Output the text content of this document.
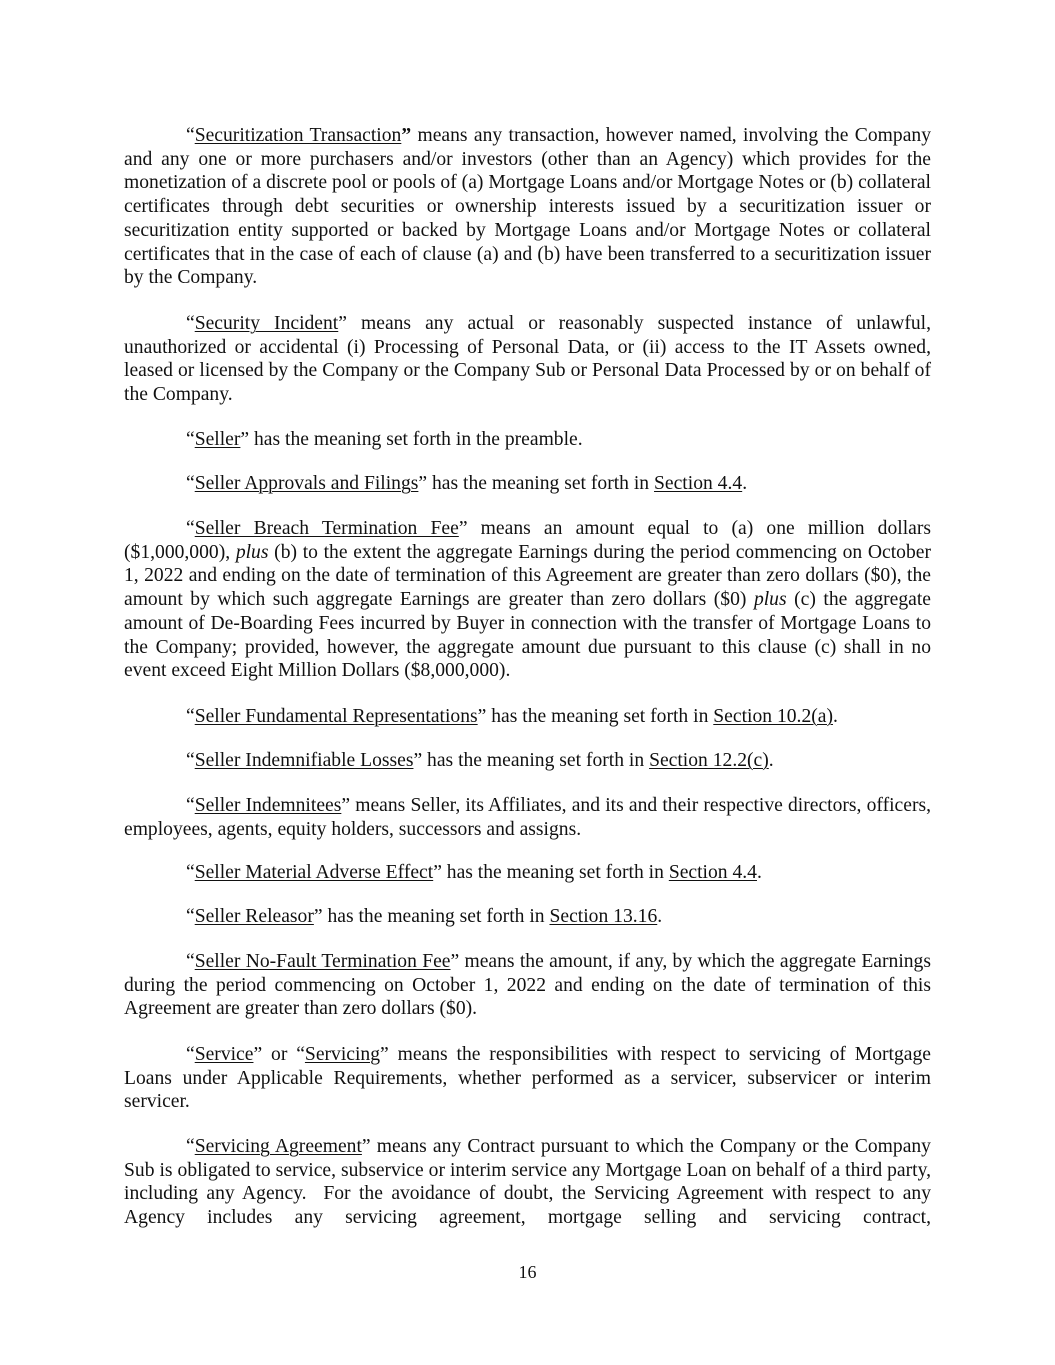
“Securitization Transaction” means any transaction, however named, involving the Company and any one or more purchasers and/or investors (other than an Agency) which provides for the monetization of a discrete pool or pools of (a) Mortgage Loans and/or Mortgage Notes or (b) collateral certificates through debt securities or ownership interests issued by a securitization issuer or securitization entity supported or backed by Mortgage Loans and/or Mortgage Notes or collateral certificates that in the case of each of clause (a) and (b) have been transferred to a securitization issuer by the Company.

“Security Incident” means any actual or reasonably suspected instance of unlawful, unauthorized or accidental (i) Processing of Personal Data, or (ii) access to the IT Assets owned, leased or licensed by the Company or the Company Sub or Personal Data Processed by or on behalf of the Company.

“Seller” has the meaning set forth in the preamble.

“Seller Approvals and Filings” has the meaning set forth in Section 4.4.

“Seller Breach Termination Fee” means an amount equal to (a) one million dollars ($1,000,000), plus (b) to the extent the aggregate Earnings during the period commencing on October 1, 2022 and ending on the date of termination of this Agreement are greater than zero dollars ($0), the amount by which such aggregate Earnings are greater than zero dollars ($0) plus (c) the aggregate amount of De-Boarding Fees incurred by Buyer in connection with the transfer of Mortgage Loans to the Company; provided, however, the aggregate amount due pursuant to this clause (c) shall in no event exceed Eight Million Dollars ($8,000,000).

“Seller Fundamental Representations” has the meaning set forth in Section 10.2(a).

“Seller Indemnifiable Losses” has the meaning set forth in Section 12.2(c).

“Seller Indemnitees” means Seller, its Affiliates, and its and their respective directors, officers, employees, agents, equity holders, successors and assigns.

“Seller Material Adverse Effect” has the meaning set forth in Section 4.4.

“Seller Releasor” has the meaning set forth in Section 13.16.

“Seller No-Fault Termination Fee” means the amount, if any, by which the aggregate Earnings during the period commencing on October 1, 2022 and ending on the date of termination of this Agreement are greater than zero dollars ($0).

“Service” or “Servicing” means the responsibilities with respect to servicing of Mortgage Loans under Applicable Requirements, whether performed as a servicer, subservicer or interim servicer.

“Servicing Agreement” means any Contract pursuant to which the Company or the Company Sub is obligated to service, subservice or interim service any Mortgage Loan on behalf of a third party, including any Agency.  For the avoidance of doubt, the Servicing Agreement with respect to any Agency includes any servicing agreement, mortgage selling and servicing contract,

16
